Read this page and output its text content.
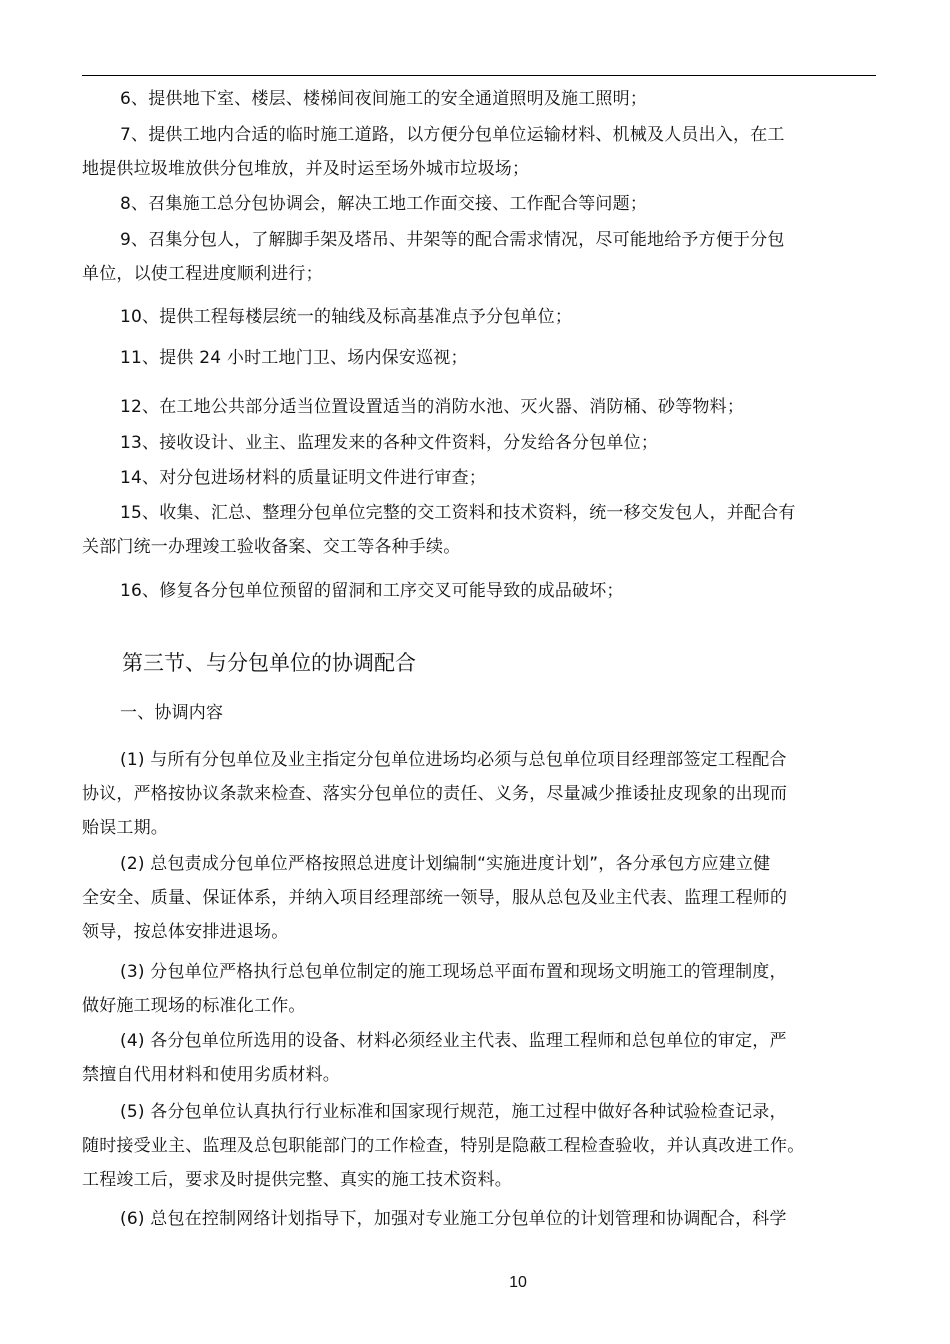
6、提供地下室、楼层、楼梯间夜间施工的安全通道照明及施工照明；
7、提供工地内合适的临时施工道路，以方便分包单位运输材料、机械及人员出入，在工
地提供垃圾堆放供分包堆放，并及时运至场外城市垃圾场；
8、召集施工总分包协调会，解决工地工作面交接、工作配合等问题；
9、召集分包人，了解脚手架及塔吊、井架等的配合需求情况，尽可能地给予方便于分包
单位，以使工程进度顺利进行；
10、提供工程每楼层统一的轴线及标高基准点予分包单位；
11、提供 24 小时工地门卫、场内保安巡视；
12、在工地公共部分适当位置设置适当的消防水池、灭火器、消防桶、砂等物料；
13、接收设计、业主、监理发来的各种文件资料，分发给各分包单位；
14、对分包进场材料的质量证明文件进行审查；
15、收集、汇总、整理分包单位完整的交工资料和技术资料，统一移交发包人，并配合有
关部门统一办理竣工验收备案、交工等各种手续。
16、修复各分包单位预留的留洞和工序交叉可能导致的成品破坏；
第三节、与分包单位的协调配合
一、协调内容
(1) 与所有分包单位及业主指定分包单位进场均必须与总包单位项目经理部签定工程配合
协议，严格按协议条款来检查、落实分包单位的责任、义务，尽量减少推诿扯皮现象的出现而
贻误工期。
(2) 总包责成分包单位严格按照总进度计划编制“实施进度计划”，各分承包方应建立健
全安全、质量、保证体系，并纳入项目经理部统一领导，服从总包及业主代表、监理工程师的
领导，按总体安排进退场。
(3) 分包单位严格执行总包单位制定的施工现场总平面布置和现场文明施工的管理制度，
做好施工现场的标准化工作。
(4) 各分包单位所选用的设备、材料必须经业主代表、监理工程师和总包单位的审定，严
禁擅自代用材料和使用劣质材料。
(5) 各分包单位认真执行行业标准和国家现行规范，施工过程中做好各种试验检查记录，
随时接受业主、监理及总包职能部门的工作检查，特别是隐蔽工程检查验收，并认真改进工作。
工程竣工后，要求及时提供完整、真实的施工技术资料。
(6) 总包在控制网络计划指导下，加强对专业施工分包单位的计划管理和协调配合，科学
10
